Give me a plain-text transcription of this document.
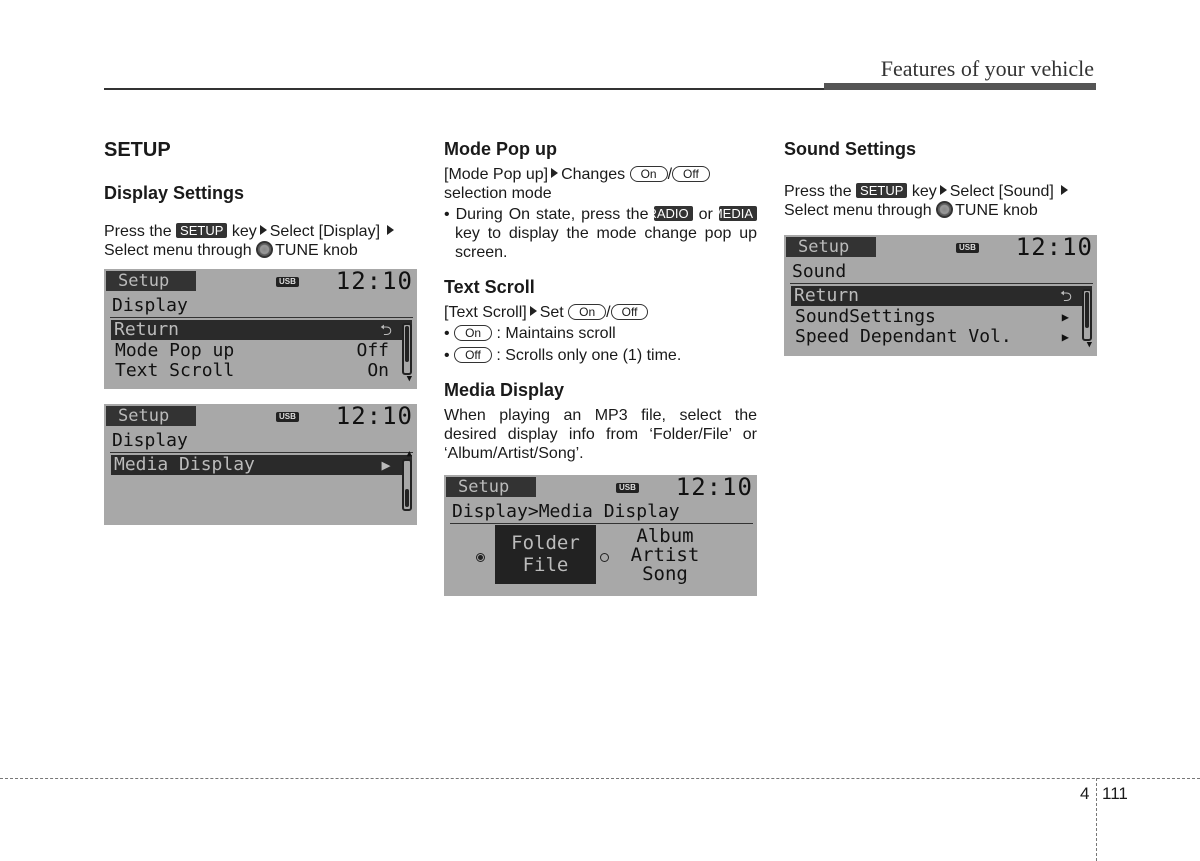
Features of your vehicle
SETUP
Display Settings

Press the SETUP key Select [Display]
Select menu through TUNE knob

Setup	USB 12:10
Display
Return	⮌
Mode Pop up	Off
Text Scroll	On ▼
Setup	USB 12:10
Display
Media Display	▶
▲
Mode Pop up

[Mode Pop up] Changes On / Off
selection mode

• During On state, press the RADIO or MEDIA key to display the mode change pop up screen.

Text Scroll

[Text Scroll] Set On / Off

• On : Maintains scroll

• Off : Scrolls only one (1) time.

Media Display

When playing an MP3 file, select the desired display info from ‘Folder/File’ or ‘Album/Artist/Song’.

Setup	USB 12:10
Display>Media Display
Folder
File
Album
Artist
Song
Sound Settings

Press the SETUP key Select [Sound]
Select menu through TUNE knob

Setup	USB 12:10
Sound
Return	⮌
SoundSettings	▶
Speed Dependant Vol.	▶
▼
4 111
